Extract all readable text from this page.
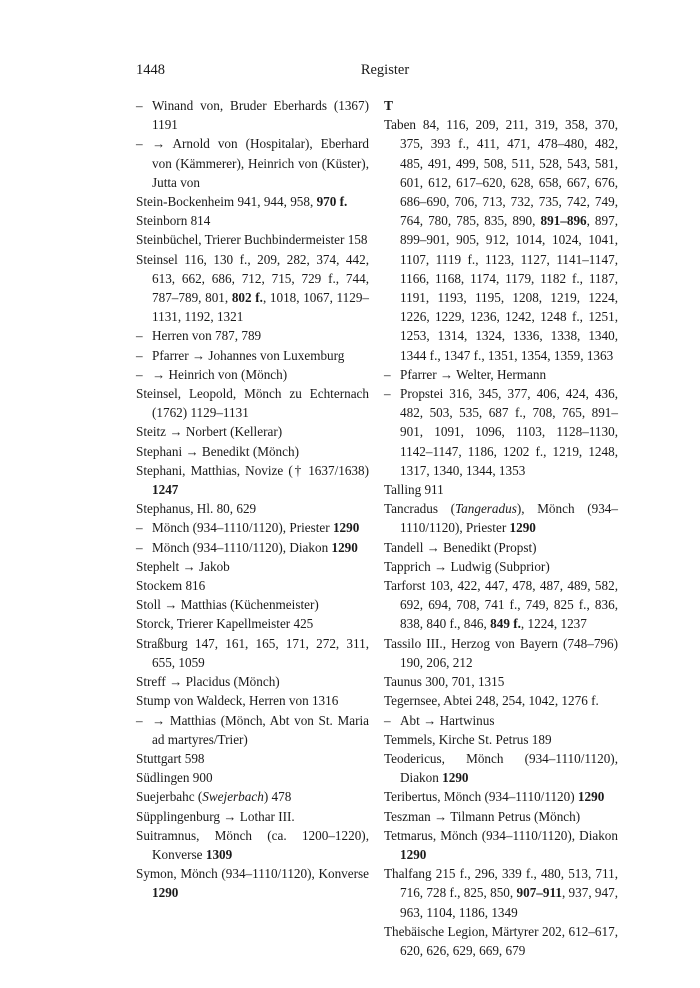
1448	Register
– Winand von, Bruder Eberhards (1367) 1191
– → Arnold von (Hospitalar), Eberhard von (Kämmerer), Heinrich von (Küster), Jutta von
Stein-Bockenheim 941, 944, 958, 970 f.
Steinborn 814
Steinbüchel, Trierer Buchbindermeister 158
Steinsel 116, 130 f., 209, 282, 374, 442, 613, 662, 686, 712, 715, 729 f., 744, 787–789, 801, 802 f., 1018, 1067, 1129–1131, 1192, 1321
– Herren von 787, 789
– Pfarrer → Johannes von Luxemburg
– → Heinrich von (Mönch)
Steinsel, Leopold, Mönch zu Echternach (1762) 1129–1131
Steitz → Norbert (Kellerar)
Stephani → Benedikt (Mönch)
Stephani, Matthias, Novize († 1637/1638) 1247
Stephanus, Hl. 80, 629
– Mönch (934–1110/1120), Priester 1290
– Mönch (934–1110/1120), Diakon 1290
Stephelt → Jakob
Stockem 816
Stoll → Matthias (Küchenmeister)
Storck, Trierer Kapellmeister 425
Straßburg 147, 161, 165, 171, 272, 311, 655, 1059
Streff → Placidus (Mönch)
Stump von Waldeck, Herren von 1316
– → Matthias (Mönch, Abt von St. Maria ad martyres/Trier)
Stuttgart 598
Südlingen 900
Suejerbahc (Swejerbach) 478
Süpplingenburg → Lothar III.
Suitramnus, Mönch (ca. 1200–1220), Konverse 1309
Symon, Mönch (934–1110/1120), Konverse 1290
T
Taben 84, 116, 209, 211, 319, 358, 370, 375, 393 f., 411, 471, 478–480, 482, 485, 491, 499, 508, 511, 528, 543, 581, 601, 612, 617–620, 628, 658, 667, 676, 686–690, 706, 713, 732, 735, 742, 749, 764, 780, 785, 835, 890, 891–896, 897, 899–901, 905, 912, 1014, 1024, 1041, 1107, 1119 f., 1123, 1127, 1141–1147, 1166, 1168, 1174, 1179, 1182 f., 1187, 1191, 1193, 1195, 1208, 1219, 1224, 1226, 1229, 1236, 1242, 1248 f., 1251, 1253, 1314, 1324, 1336, 1338, 1340, 1344 f., 1347 f., 1351, 1354, 1359, 1363
– Pfarrer → Welter, Hermann
– Propstei 316, 345, 377, 406, 424, 436, 482, 503, 535, 687 f., 708, 765, 891–901, 1091, 1096, 1103, 1128–1130, 1142–1147, 1186, 1202 f., 1219, 1248, 1317, 1340, 1344, 1353
Talling 911
Tancradus (Tangeradus), Mönch (934–1110/1120), Priester 1290
Tandell → Benedikt (Propst)
Tapprich → Ludwig (Subprior)
Tarforst 103, 422, 447, 478, 487, 489, 582, 692, 694, 708, 741 f., 749, 825 f., 836, 838, 840 f., 846, 849 f., 1224, 1237
Tassilo III., Herzog von Bayern (748–796) 190, 206, 212
Taunus 300, 701, 1315
Tegernsee, Abtei 248, 254, 1042, 1276 f.
– Abt → Hartwinus
Temmels, Kirche St. Petrus 189
Teodericus, Mönch (934–1110/1120), Diakon 1290
Teribertus, Mönch (934–1110/1120) 1290
Teszman → Tilmann Petrus (Mönch)
Tetmarus, Mönch (934–1110/1120), Diakon 1290
Thalfang 215 f., 296, 339 f., 480, 513, 711, 716, 728 f., 825, 850, 907–911, 937, 947, 963, 1104, 1186, 1349
Thebäische Legion, Märtyrer 202, 612–617, 620, 626, 629, 669, 679
